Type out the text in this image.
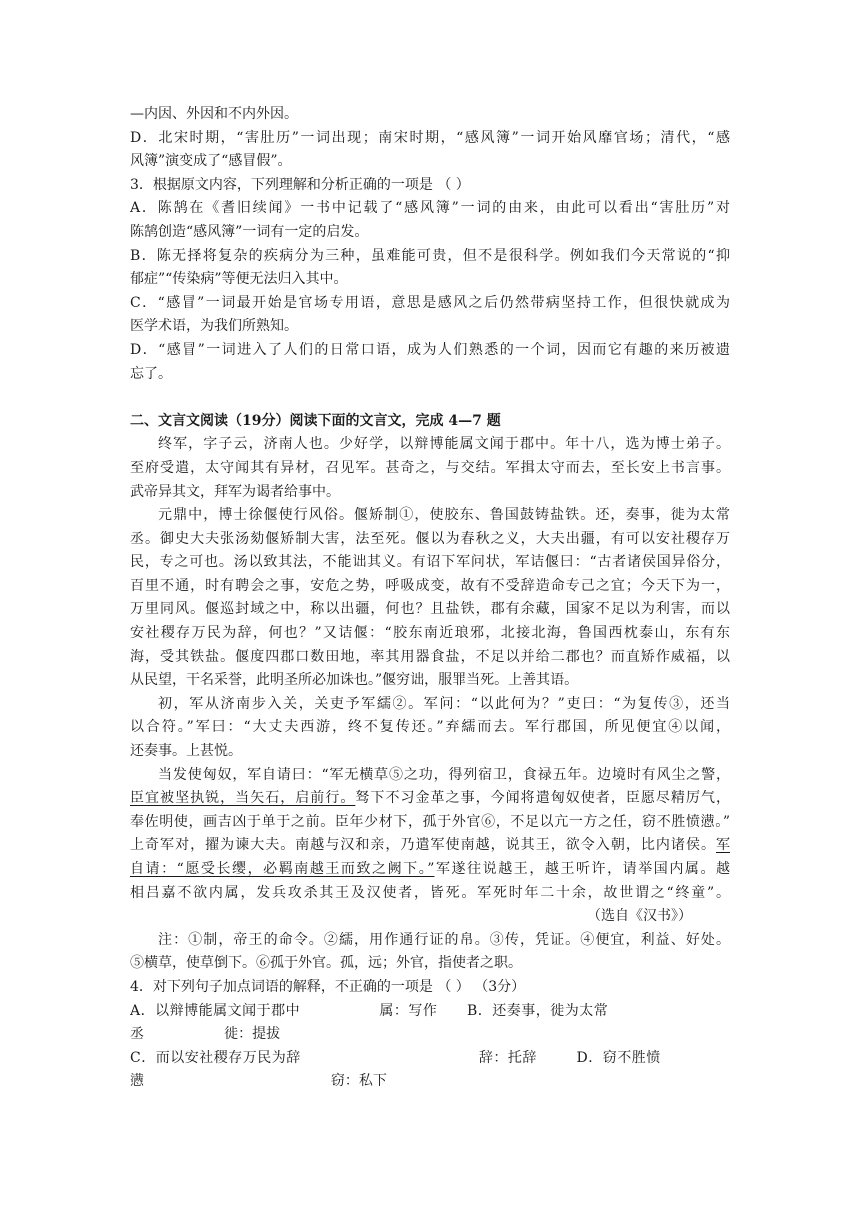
—内因、外因和不内外因。
D．北宋时期，“害肚历”一词出现；南宋时期，“感风簿”一词开始风靡官场；清代，“感
风簿”演变成了“感冒假”。
3．根据原文内容，下列理解和分析正确的一项是 （ ）
A．陈鹄在《耆旧续闻》一书中记载了“感风簿”一词的由来，由此可以看出“害肚历”对
陈鹄创造“感风簿”一词有一定的启发。
B．陈无择将复杂的疾病分为三种，虽难能可贵，但不是很科学。例如我们今天常说的“抑
郁症”“传染病”等便无法归入其中。
C．“感冒”一词最开始是官场专用语，意思是感风之后仍然带病坚持工作，但很快就成为
医学术语，为我们所熟知。
D．“感冒”一词进入了人们的日常口语，成为人们熟悉的一个词，因而它有趣的来历被遗
忘了。
二、文言文阅读（19分）阅读下面的文言文，完成 4—7 题
终军，字子云，济南人也。少好学，以辩博能属文闻于郡中。年十八，选为博士弟子。
至府受遣，太守闻其有异材，召见军。甚奇之，与交结。军揖太守而去，至长安上书言事。
武帝异其文，拜军为谒者给事中。
元鼎中，博士徐偃使行风俗。偃矫制①，使胶东、鲁国鼓铸盐铁。还，奏事，徙为太常
丞。御史大夫张汤劾偃矫制大害，法至死。偃以为春秋之义，大夫出疆，有可以安社稷存万
民，专之可也。汤以致其法，不能诎其义。有诏下军问状，军诘偃曰：“古者诸侯国异俗分，
百里不通，时有聘会之事，安危之势，呼吸成变，故有不受辞造命专己之宜；今天下为一，
万里同风。偃巡封域之中，称以出疆，何也？且盐铁，郡有余藏，国家不足以为利害，而以
安社稷存万民为辞，何也？”又诘偃：“胶东南近琅邪，北接北海，鲁国西枕泰山，东有东
海，受其铁盐。偃度四郡口数田地，率其用器食盐，不足以并给二郡也？而直矫作威福，以
从民望，干名采誉，此明圣所必加诛也。”偃穷诎，服罪当死。上善其语。
初，军从济南步入关，关吏予军繻②。军问：“以此何为？”吏曰：“为复传③，还当
以合符。”军曰：“大丈夫西游，终不复传还。”弃繻而去。军行郡国，所见便宜④以闻，
还奏事。上甚悦。
当发使匈奴，军自请曰：“军无横草⑤之功，得列宿卫，食禄五年。边境时有风尘之警，
臣宜被坚执锐，当矢石，启前行。驽下不习金革之事，今闻将遣匈奴使者，臣愿尽精厉气，
奉佐明使，画吉凶于单于之前。臣年少材下，孤于外官⑥，不足以亢一方之任，窃不胜愤懑。”
上奇军对，擢为谏大夫。南越与汉和亲，乃遣军使南越，说其王，欲令入朝，比内诸侯。军
自请：“愿受长缨，必羁南越王而致之阙下。”军遂往说越王，越王听许，请举国内属。越
相吕嘉不欲内属，发兵攻杀其王及汉使者，皆死。军死时年二十余，故世谓之“终童”。
（选自《汉书》）
注：①制，帝王的命令。②繻，用作通行证的帛。③传，凭证。④便宜，利益、好处。
⑤横草，使草倒下。⑥孤于外官。孤，远；外官，指使者之职。
4．对下列句子加点词语的解释，不正确的一项是 （ ） （3分）
A．以辩博能属文闻于郡中                属：写作      B．还奏事，徙为太常
丞                  徙：提拔
C．而以安社稷存万民为辞                                    辞：托辞        D．窃不胜愤
懑                                          窃：私下
